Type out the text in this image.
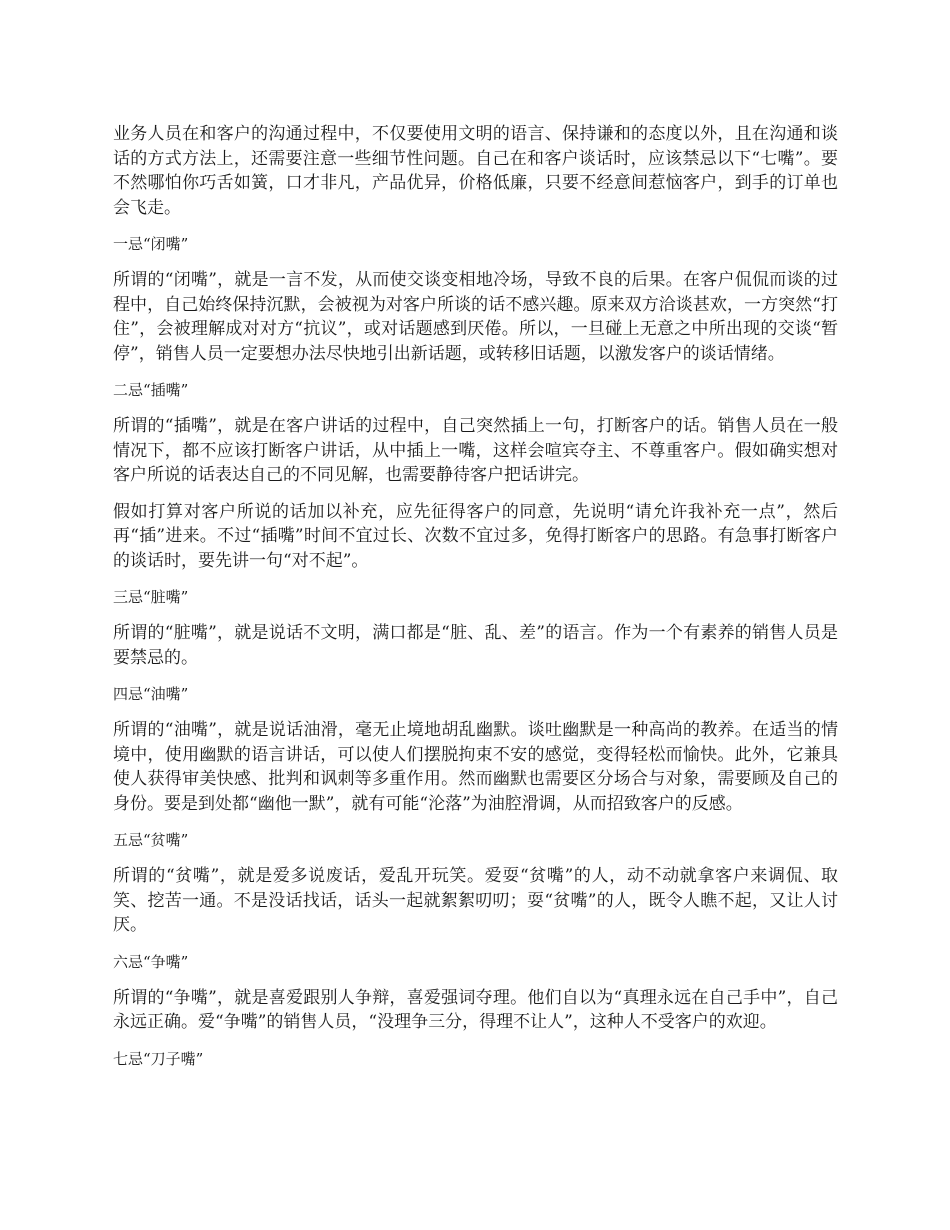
业务人员在和客户的沟通过程中，不仅要使用文明的语言、保持谦和的态度以外，且在沟通和谈话的方式方法上，还需要注意一些细节性问题。自己在和客户谈话时，应该禁忌以下“七嘴”。要不然哪怕你巧舌如簧，口才非凡，产品优异，价格低廉，只要不经意间惹恼客户，到手的订单也会飞走。

一忌“闭嘴”

所谓的“闭嘴”，就是一言不发，从而使交谈变相地冷场，导致不良的后果。在客户侃侃而谈的过程中，自己始终保持沉默，会被视为对客户所谈的话不感兴趣。原来双方洽谈甚欢，一方突然“打住”，会被理解成对对方“抗议”，或对话题感到厌倦。所以，一旦碰上无意之中所出现的交谈“暂停”，销售人员一定要想办法尽快地引出新话题，或转移旧话题，以激发客户的谈话情绪。

二忌“插嘴”

所谓的“插嘴”，就是在客户讲话的过程中，自己突然插上一句，打断客户的话。销售人员在一般情况下，都不应该打断客户讲话，从中插上一嘴，这样会喧宾夺主、不尊重客户。假如确实想对客户所说的话表达自己的不同见解，也需要静待客户把话讲完。

假如打算对客户所说的话加以补充，应先征得客户的同意，先说明“请允许我补充一点”，然后再“插”进来。不过“插嘴”时间不宜过长、次数不宜过多，免得打断客户的思路。有急事打断客户的谈话时，要先讲一句“对不起”。

三忌“脏嘴”

所谓的“脏嘴”，就是说话不文明，满口都是“脏、乱、差”的语言。作为一个有素养的销售人员是要禁忌的。

四忌“油嘴”

所谓的“油嘴”，就是说话油滑，毫无止境地胡乱幽默。谈吐幽默是一种高尚的教养。在适当的情境中，使用幽默的语言讲话，可以使人们摆脱拘束不安的感觉，变得轻松而愉快。此外，它兼具使人获得审美快感、批判和讽刺等多重作用。然而幽默也需要区分场合与对象，需要顾及自己的身份。要是到处都“幽他一默”，就有可能“沦落”为油腔滑调，从而招致客户的反感。

五忌“贫嘴”

所谓的“贫嘴”，就是爱多说废话，爱乱开玩笑。爱耍“贫嘴”的人，动不动就拿客户来调侃、取笑、挖苦一通。不是没话找话，话头一起就絮絮叨叨；耍“贫嘴”的人，既令人瞧不起，又让人讨厌。

六忌“争嘴”

所谓的“争嘴”，就是喜爱跟别人争辩，喜爱强词夺理。他们自以为“真理永远在自己手中”，自己永远正确。爱“争嘴”的销售人员，“没理争三分，得理不让人”，这种人不受客户的欢迎。

七忌“刀子嘴”
